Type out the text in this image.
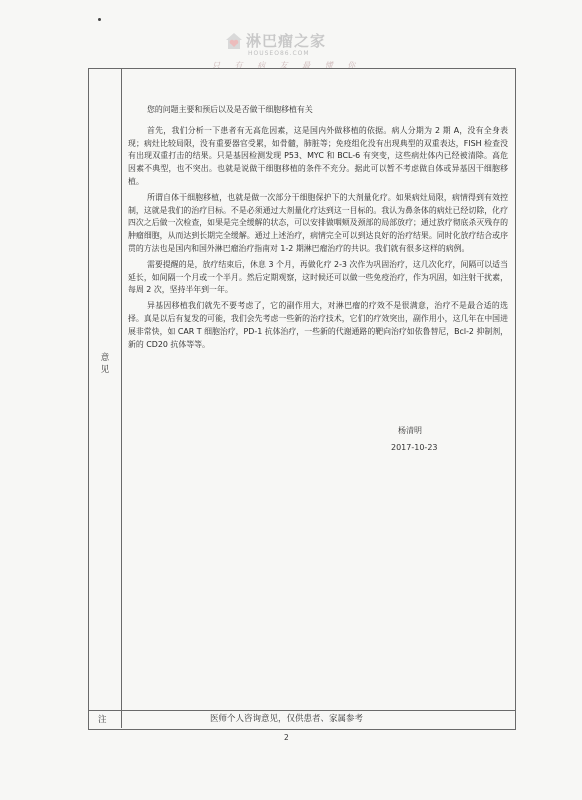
淋巴瘤之家
HOUSEO86.COM
只 有 病 友 最 懂 你
意见

您的问题主要和预后以及是否做干细胞移植有关

首先，我们分析一下患者有无高危因素，这是国内外做移植的依据。病人分期为 2 期 A，没有全身表现；病灶比较局限，没有重要器官受累，如骨髓，肺脏等；免疫组化没有出现典型的双重表达，FISH 检查没有出现双重打击的结果。只是基因检测发现 P53、MYC 和 BCL-6 有突变，这些病灶体内已经被清除。高危因素不典型，也不突出。也就是说做干细胞移植的条件不充分。据此可以暂不考虑做自体或异基因干细胞移植。

所谓自体干细胞移植，也就是做一次部分干细胞保护下的大剂量化疗。如果病灶局限，病情得到有效控制，这就是我们的治疗目标。不是必须通过大剂量化疗达到这一目标的。我认为鼻条体的病灶已经切除，化疗四次之后做一次检查，如果是完全缓解的状态，可以安排做咽颊及颈部的局部放疗；通过放疗彻底杀灭残存的肿瘤细胞，从而达到长期完全缓解。通过上述治疗，病情完全可以到达良好的治疗结果。同时化放疗结合或序贯的方法也是国内和国外淋巴瘤治疗指南对 1-2 期淋巴瘤治疗的共识。我们就有很多这样的病例。

需要提醒的是，放疗结束后，休息 3 个月，再做化疗 2-3 次作为巩固治疗，这几次化疗，间隔可以适当延长，如间隔一个月或一个半月。然后定期观察，这时候还可以做一些免疫治疗，作为巩固，如注射干扰素，每周 2 次，坚持半年到一年。

异基因移植我们就先不要考虑了，它的副作用大，对淋巴瘤的疗效不是很满意，治疗不是最合适的选择。真是以后有复发的可能，我们会先考虑一些新的治疗技术，它们的疗效突出，副作用小，这几年在中国进展非常快，如 CAR T 细胞治疗，PD-1 抗体治疗，一些新的代谢通路的靶向治疗如依鲁替尼，Bcl-2 抑制剂，新的 CD20 抗体等等。

杨清明
2017-10-23
注	医师个人咨询意见，仅供患者、家属参考
2
